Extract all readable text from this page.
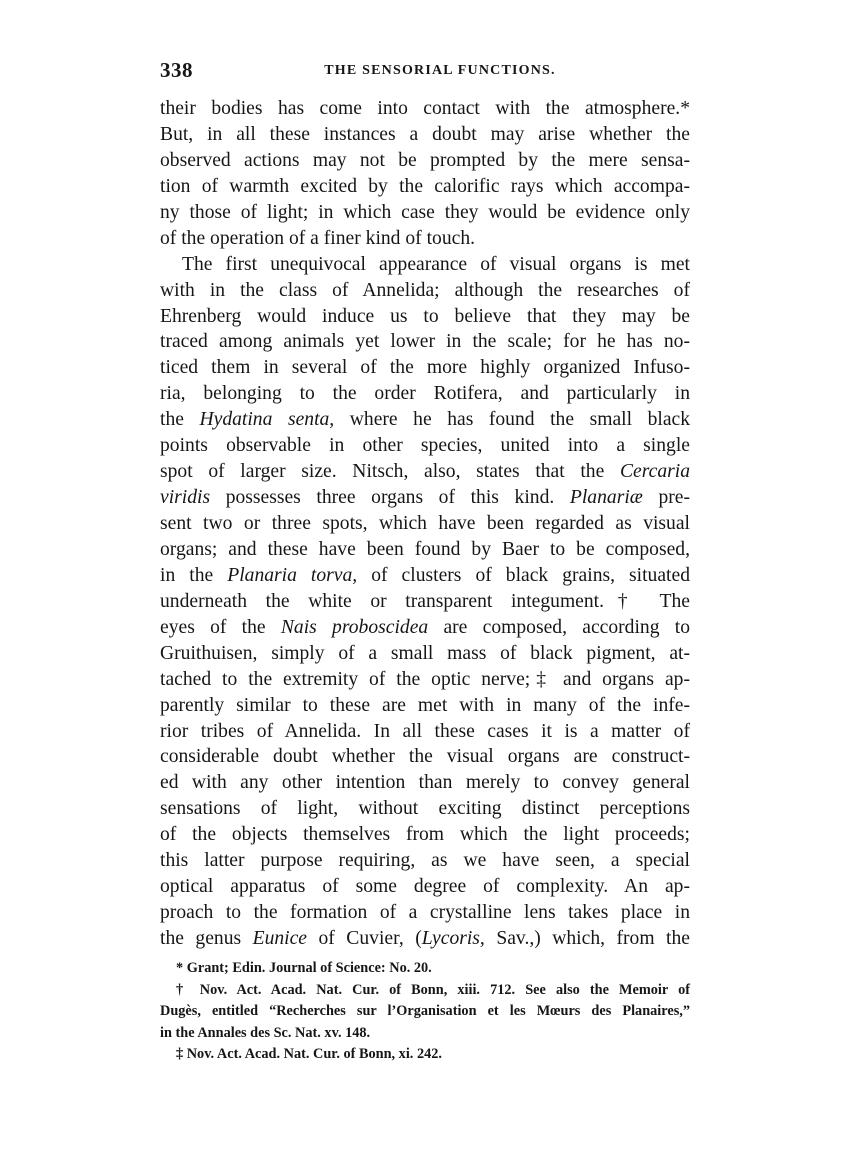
338	THE SENSORIAL FUNCTIONS.
their bodies has come into contact with the atmosphere.*
But, in all these instances a doubt may arise whether the
observed actions may not be prompted by the mere sensa-
tion of warmth excited by the calorific rays which accompa-
ny those of light; in which case they would be evidence only
of the operation of a finer kind of touch.
The first unequivocal appearance of visual organs is met
with in the class of Annelida; although the researches of
Ehrenberg would induce us to believe that they may be
traced among animals yet lower in the scale; for he has no-
ticed them in several of the more highly organized Infuso-
ria, belonging to the order Rotifera, and particularly in
the Hydatina senta, where he has found the small black
points observable in other species, united into a single
spot of larger size. Nitsch, also, states that the Cercaria
viridis possesses three organs of this kind. Planariæ pre-
sent two or three spots, which have been regarded as visual
organs; and these have been found by Baer to be composed,
in the Planaria torva, of clusters of black grains, situated
underneath the white or transparent integument.† The
eyes of the Nais proboscidea are composed, according to
Gruithuisen, simply of a small mass of black pigment, at-
tached to the extremity of the optic nerve;‡ and organs ap-
parently similar to these are met with in many of the infe-
rior tribes of Annelida. In all these cases it is a matter of
considerable doubt whether the visual organs are construct-
ed with any other intention than merely to convey general
sensations of light, without exciting distinct perceptions
of the objects themselves from which the light proceeds;
this latter purpose requiring, as we have seen, a special
optical apparatus of some degree of complexity. An ap-
proach to the formation of a crystalline lens takes place in
the genus Eunice of Cuvier, (Lycoris, Sav.,) which, from the
* Grant; Edin. Journal of Science: No. 20.
† Nov. Act. Acad. Nat. Cur. of Bonn, xiii. 712. See also the Memoir of
Dugès, entitled “Recherches sur l’Organisation et les Mœurs des Planaires,”
in the Annales des Sc. Nat. xv. 148.
‡ Nov. Act. Acad. Nat. Cur. of Bonn, xi. 242.
